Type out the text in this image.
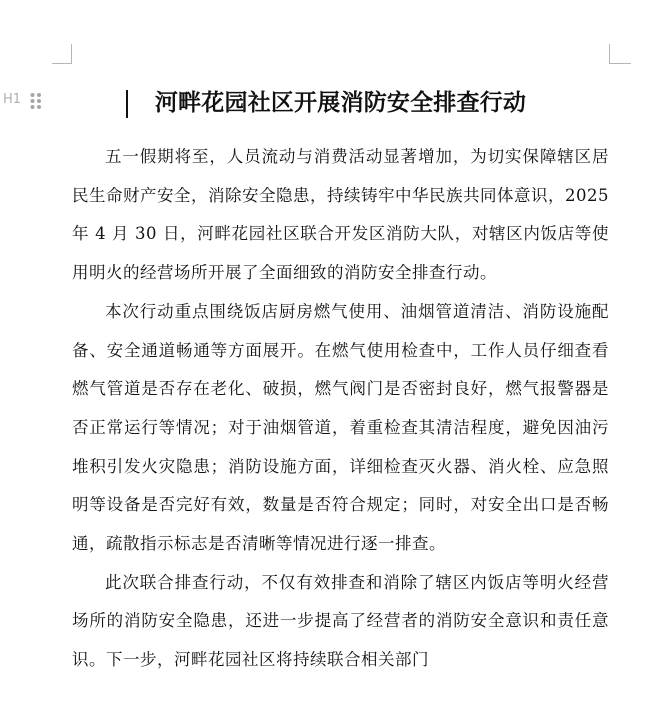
H1	河畔花园社区开展消防安全排查行动

五一假期将至，人员流动与消费活动显著增加，为切实保障辖区居民生命财产安全，消除安全隐患，持续铸牢中华民族共同体意识，2025 年 4 月 30 日，河畔花园社区联合开发区消防大队，对辖区内饭店等使用明火的经营场所开展了全面细致的消防安全排查行动。

本次行动重点围绕饭店厨房燃气使用、油烟管道清洁、消防设施配备、安全通道畅通等方面展开。在燃气使用检查中，工作人员仔细查看燃气管道是否存在老化、破损，燃气阀门是否密封良好，燃气报警器是否正常运行等情况；对于油烟管道，着重检查其清洁程度，避免因油污堆积引发火灾隐患；消防设施方面，详细检查灭火器、消火栓、应急照明等设备是否完好有效，数量是否符合规定；同时，对安全出口是否畅通，疏散指示标志是否清晰等情况进行逐一排查。

此次联合排查行动，不仅有效排查和消除了辖区内饭店等明火经营场所的消防安全隐患，还进一步提高了经营者的消防安全意识和责任意识。下一步，河畔花园社区将持续联合相关部门
